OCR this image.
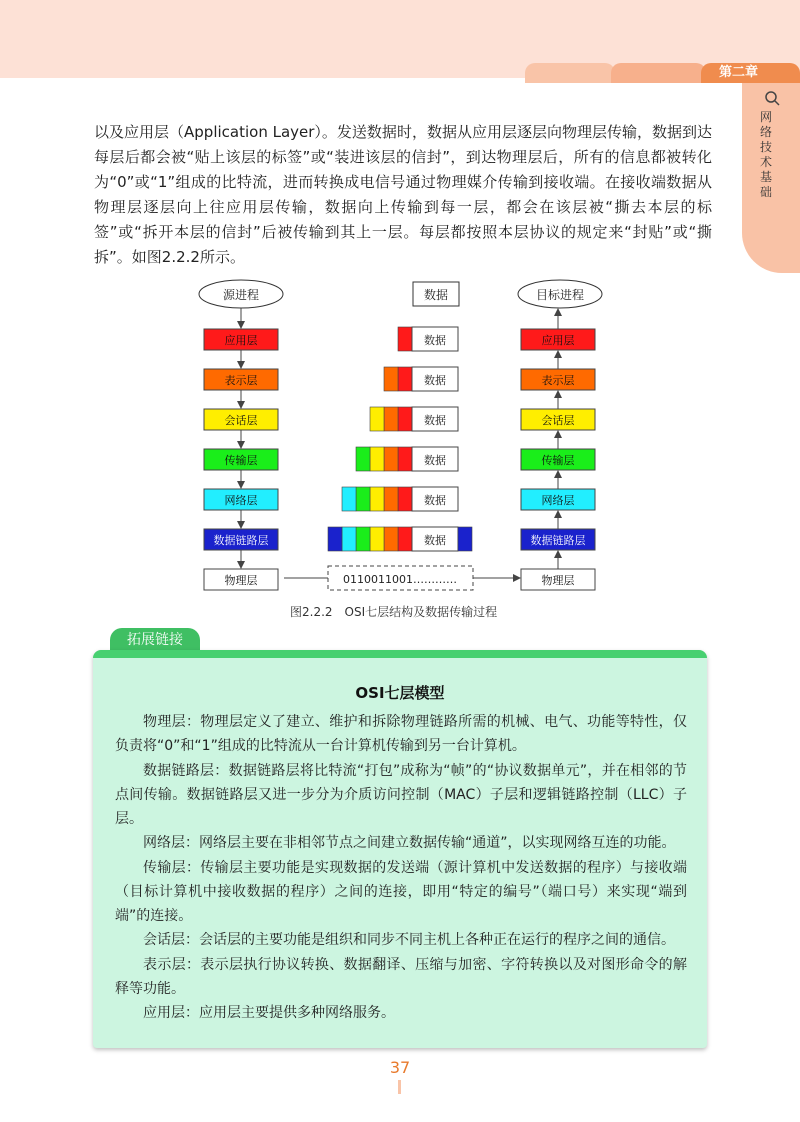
第二章
网络技术基础
以及应用层（Application Layer）。发送数据时，数据从应用层逐层向物理层传输，数据到达每层后都会被“贴上该层的标签”或“装进该层的信封”，到达物理层后，所有的信息都被转化为“0”或“1”组成的比特流，进而转换成电信号通过物理媒介传输到接收端。在接收端数据从物理层逐层向上往应用层传输，数据向上传输到每一层，都会在该层被“撕去本层的标签”或“拆开本层的信封”后被传输到其上一层。每层都按照本层协议的规定来“封贴”或“撕拆”。如图2.2.2所示。
源进程	目标进程
数据
应用层
表示层
会话层
传输层
网络层
数据链路层
物理层
应用层
表示层
会话层
传输层
网络层
数据链路层
物理层
数据
数据
数据
数据
数据
数据
0110011001…………
图2.2.2　OSI七层结构及数据传输过程
拓展链接
OSI七层模型

物理层：物理层定义了建立、维护和拆除物理链路所需的机械、电气、功能等特性，仅负责将“0”和“1”组成的比特流从一台计算机传输到另一台计算机。

数据链路层：数据链路层将比特流“打包”成称为“帧”的“协议数据单元”，并在相邻的节点间传输。数据链路层又进一步分为介质访问控制（MAC）子层和逻辑链路控制（LLC）子层。

网络层：网络层主要在非相邻节点之间建立数据传输“通道”，以实现网络互连的功能。

传输层：传输层主要功能是实现数据的发送端（源计算机中发送数据的程序）与接收端（目标计算机中接收数据的程序）之间的连接，即用“特定的编号”（端口号）来实现“端到端”的连接。

会话层：会话层的主要功能是组织和同步不同主机上各种正在运行的程序之间的通信。

表示层：表示层执行协议转换、数据翻译、压缩与加密、字符转换以及对图形命令的解释等功能。

应用层：应用层主要提供多种网络服务。

37
